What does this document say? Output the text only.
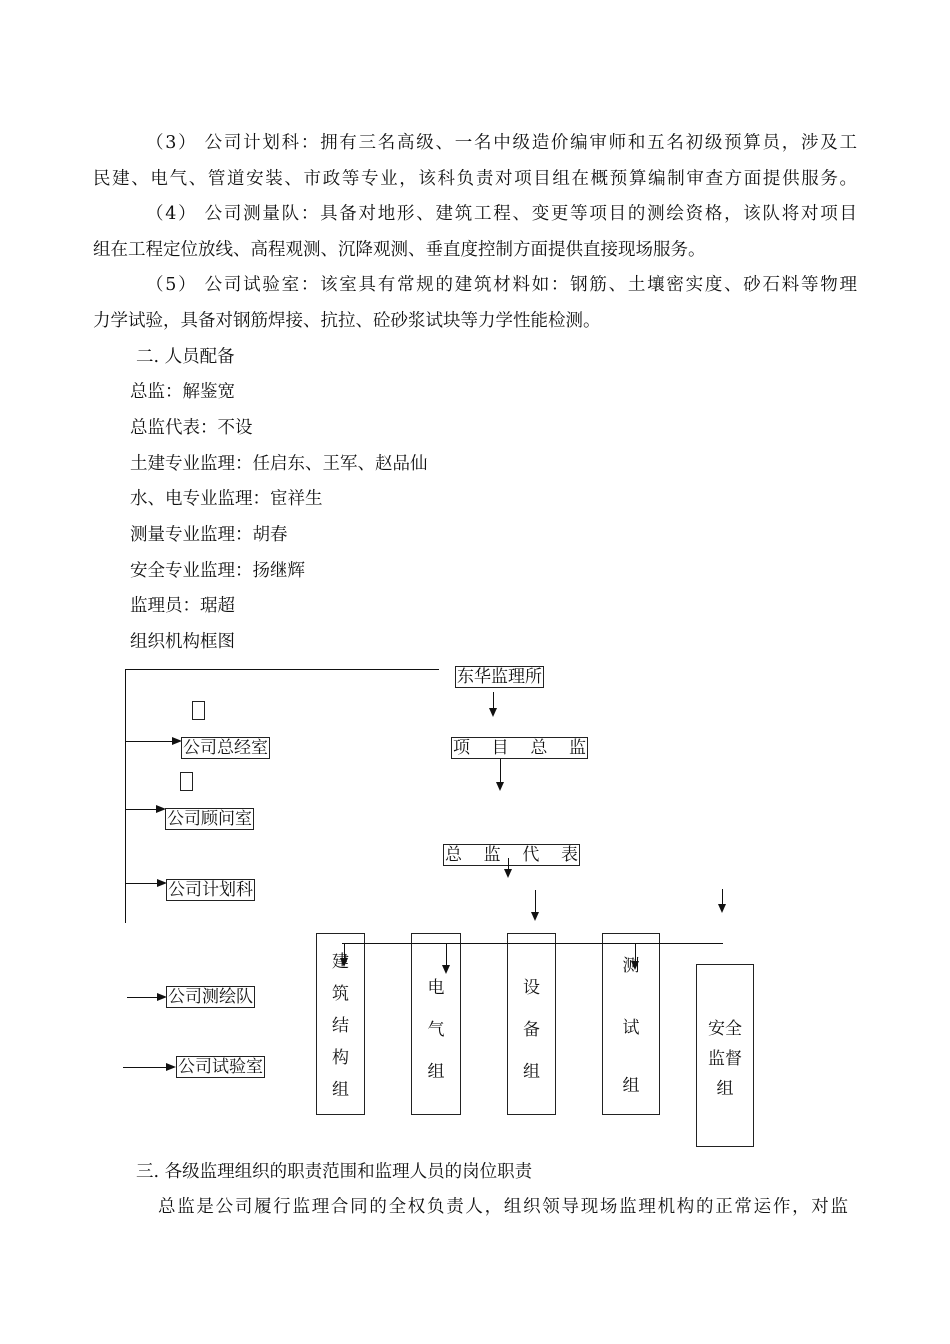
（3） 公司计划科：拥有三名高级、一名中级造价编审师和五名初级预算员，涉及工
民建、电气、管道安装、市政等专业，该科负责对项目组在概预算编制审查方面提供服务。
（4） 公司测量队：具备对地形、建筑工程、变更等项目的测绘资格，该队将对项目
组在工程定位放线、高程观测、沉降观测、垂直度控制方面提供直接现场服务。
（5） 公司试验室：该室具有常规的建筑材料如：钢筋、土壤密实度、砂石料等物理
力学试验，具备对钢筋焊接、抗拉、砼砂浆试块等力学性能检测。
二. 人员配备
总监：解鉴宽
总监代表：不设
土建专业监理：任启东、王军、赵品仙
水、电专业监理：宦祥生
测量专业监理：胡春
安全专业监理：扬继辉
监理员：琚超
组织机构框图
公司总经室
公司顾问室
公司计划科
公司测绘队
公司试验室
东华监理所
项 目 总 监
总 监 代 表
建
筑
结
构
组
电
气
组
设
备
组
测
试
组
安全
监督
组
三. 各级监理组织的职责范围和监理人员的岗位职责
总监是公司履行监理合同的全权负责人，组织领导现场监理机构的正常运作，对监
